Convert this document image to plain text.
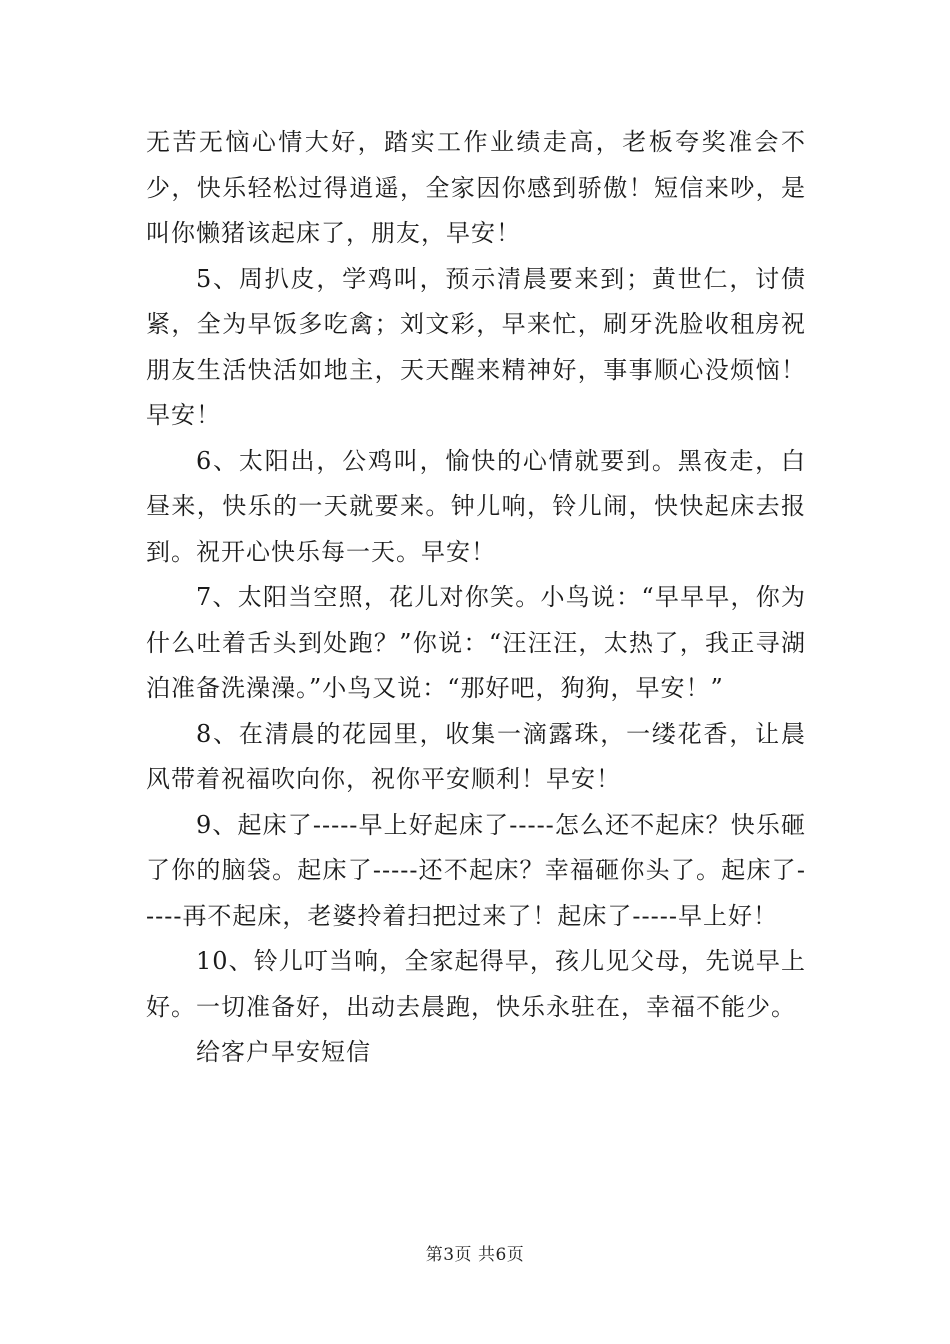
无苦无恼心情大好，踏实工作业绩走高，老板夸奖准会不少，快乐轻松过得逍遥，全家因你感到骄傲！短信来吵，是叫你懒猪该起床了，朋友，早安！

5、周扒皮，学鸡叫，预示清晨要来到；黄世仁，讨债紧，全为早饭多吃禽；刘文彩，早来忙，刷牙洗脸收租房祝朋友生活快活如地主，天天醒来精神好，事事顺心没烦恼！早安！

6、太阳出，公鸡叫，愉快的心情就要到。黑夜走，白昼来，快乐的一天就要来。钟儿响，铃儿闹，快快起床去报到。祝开心快乐每一天。早安！

7、太阳当空照，花儿对你笑。小鸟说：“早早早，你为什么吐着舌头到处跑？”你说：“汪汪汪，太热了，我正寻湖泊准备洗澡澡。”小鸟又说：“那好吧，狗狗，早安！”

8、在清晨的花园里，收集一滴露珠，一缕花香，让晨风带着祝福吹向你，祝你平安顺利！早安！

9、起床了-----早上好起床了-----怎么还不起床？快乐砸了你的脑袋。起床了-----还不起床？幸福砸你头了。起床了-----再不起床，老婆拎着扫把过来了！起床了-----早上好！

10、铃儿叮当响，全家起得早，孩儿见父母，先说早上好。一切准备好，出动去晨跑，快乐永驻在，幸福不能少。

给客户早安短信

第3页 共6页
